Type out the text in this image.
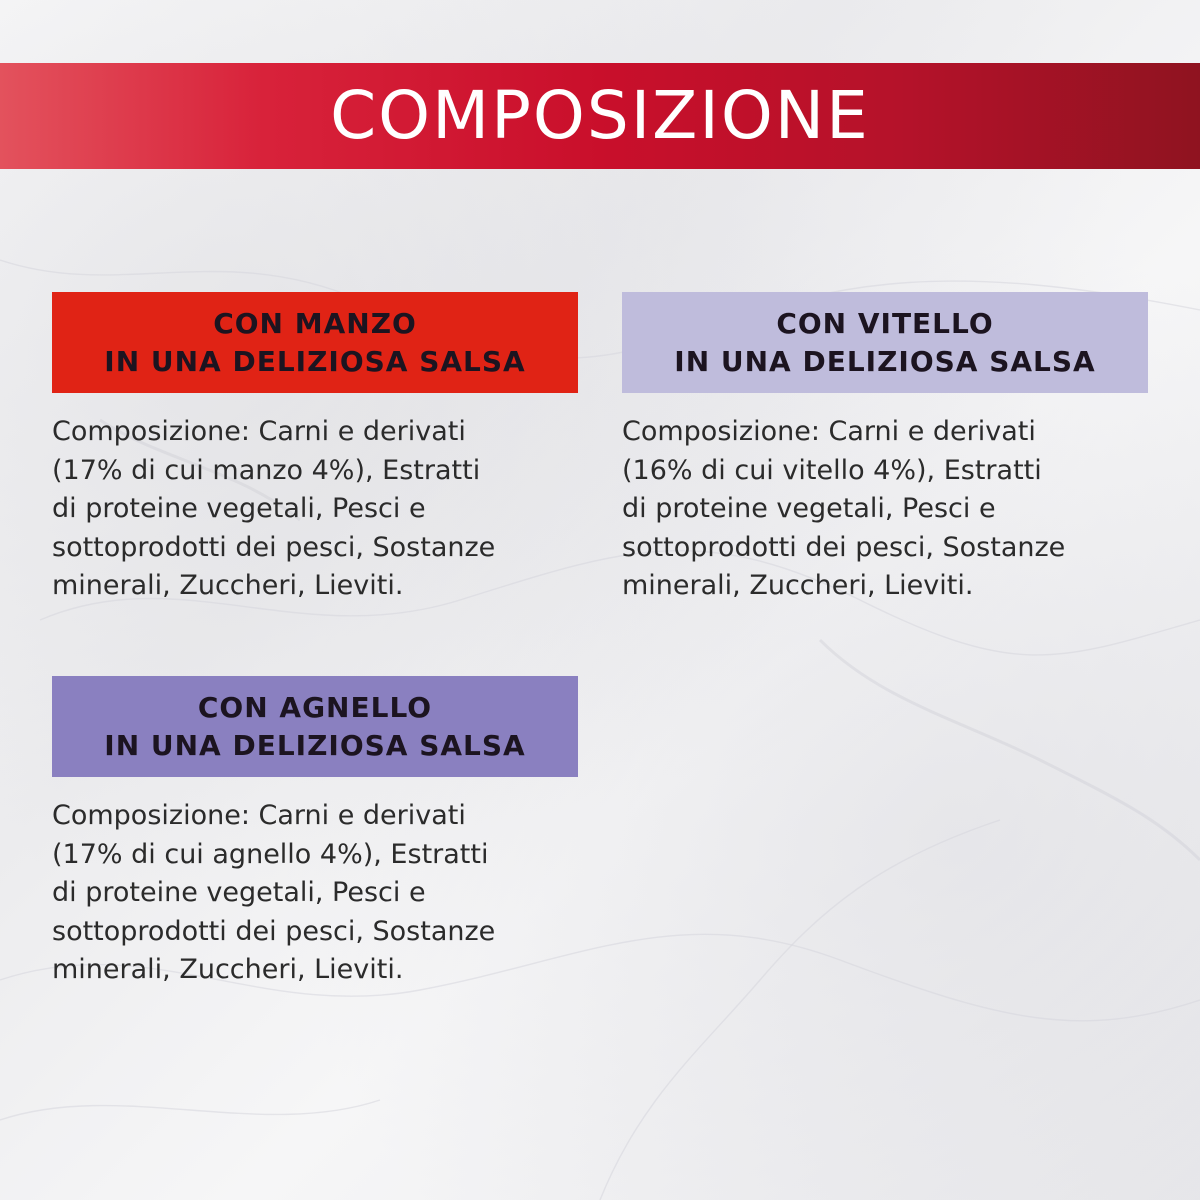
COMPOSIZIONE
CON MANZO
IN UNA DELIZIOSA SALSA
Composizione: Carni e derivati
(17% di cui manzo 4%), Estratti
di proteine vegetali, Pesci e
sottoprodotti dei pesci, Sostanze
minerali, Zuccheri, Lieviti.
CON VITELLO
IN UNA DELIZIOSA SALSA
Composizione: Carni e derivati
(16% di cui vitello 4%), Estratti
di proteine vegetali, Pesci e
sottoprodotti dei pesci, Sostanze
minerali, Zuccheri, Lieviti.
CON AGNELLO
IN UNA DELIZIOSA SALSA
Composizione: Carni e derivati
(17% di cui agnello 4%), Estratti
di proteine vegetali, Pesci e
sottoprodotti dei pesci, Sostanze
minerali, Zuccheri, Lieviti.
